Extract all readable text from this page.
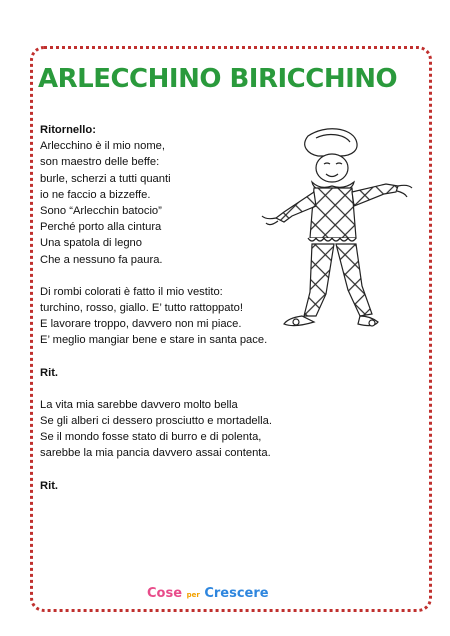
ARLECCHINO BIRICCHINO
Ritornello:
Arlecchino è il mio nome,
son maestro delle beffe:
burle, scherzi a tutti quanti
io ne faccio a bizzeffe.
Sono “Arlecchin batocio”
Perché porto alla cintura
Una spatola di legno
Che a nessuno fa paura.
Di rombi colorati è fatto il mio vestito:
turchino, rosso, giallo. E’ tutto rattoppato!
E lavorare troppo, davvero non mi piace.
E’ meglio mangiar bene e stare in santa pace.
Rit.
La vita mia sarebbe davvero molto bella
Se gli alberi ci dessero prosciutto e mortadella.
Se il mondo fosse stato di burro e di polenta,
sarebbe la mia pancia davvero assai contenta.
Rit.
Cose per Crescere
